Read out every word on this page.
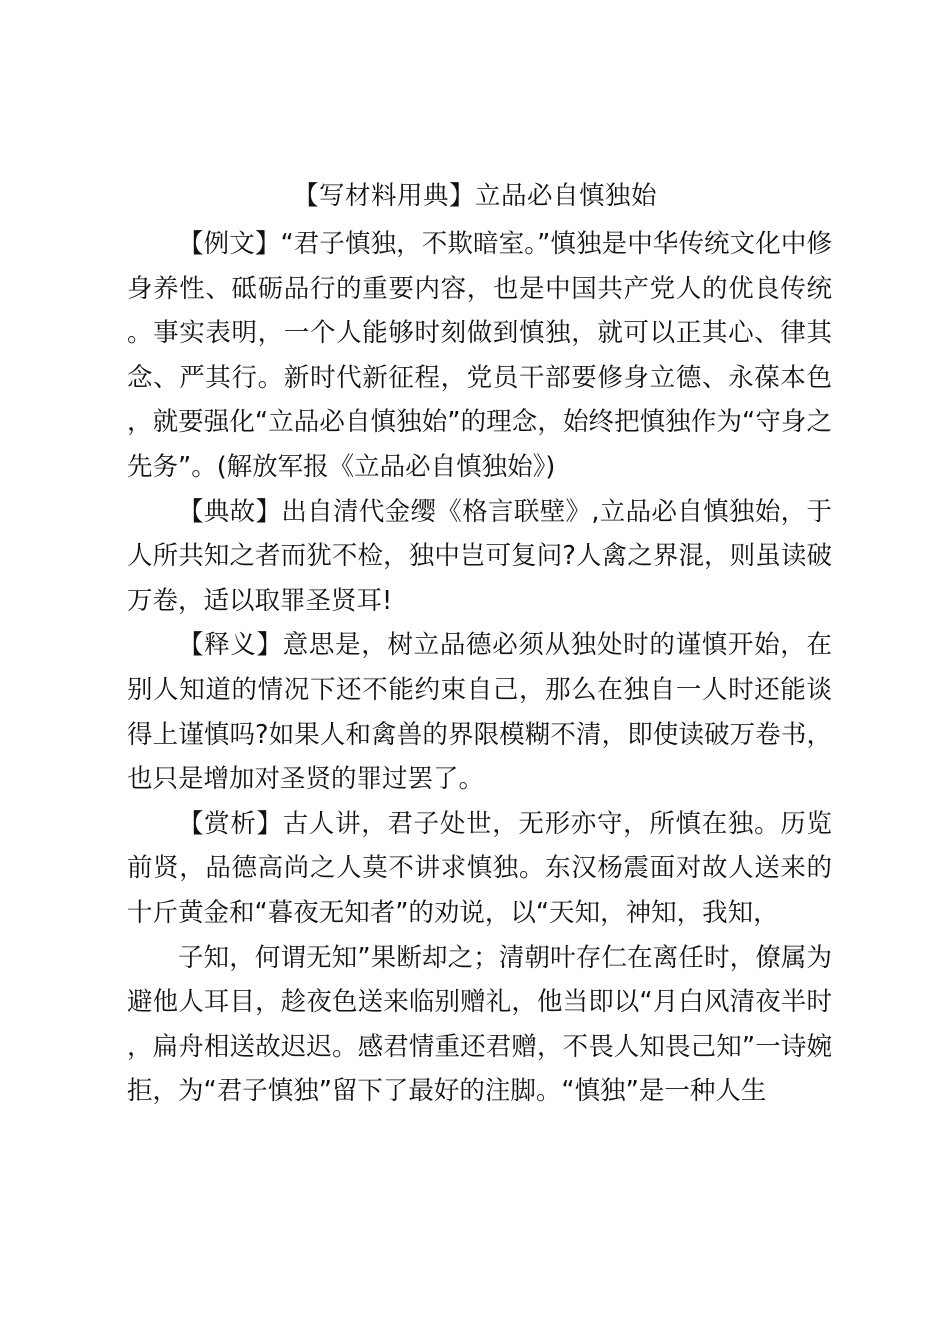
【写材料用典】立品必自慎独始

【例文】“君子慎独，不欺暗室。”慎独是中华传统文化中修身养性、砥砺品行的重要内容，也是中国共产党人的优良传统。事实表明，一个人能够时刻做到慎独，就可以正其心、律其念、严其行。新时代新征程，党员干部要修身立德、永葆本色，就要强化“立品必自慎独始”的理念，始终把慎独作为“守身之先务”。(解放军报《立品必自慎独始》)

【典故】出自清代金缨《格言联壁》,立品必自慎独始，于人所共知之者而犹不检，独中岂可复问?人禽之界混，则虽读破万卷，适以取罪圣贤耳!

【释义】意思是，树立品德必须从独处时的谨慎开始，在别人知道的情况下还不能约束自己，那么在独自一人时还能谈得上谨慎吗?如果人和禽兽的界限模糊不清，即使读破万卷书，也只是增加对圣贤的罪过罢了。

【赏析】古人讲，君子处世，无形亦守，所慎在独。历览前贤，品德高尚之人莫不讲求慎独。东汉杨震面对故人送来的十斤黄金和“暮夜无知者”的劝说，以“天知，神知，我知，

子知，何谓无知”果断却之；清朝叶存仁在离任时，僚属为避他人耳目，趁夜色送来临别赠礼，他当即以“月白风清夜半时，扁舟相送故迟迟。感君情重还君赠，不畏人知畏己知”一诗婉拒，为“君子慎独”留下了最好的注脚。“慎独”是一种人生
